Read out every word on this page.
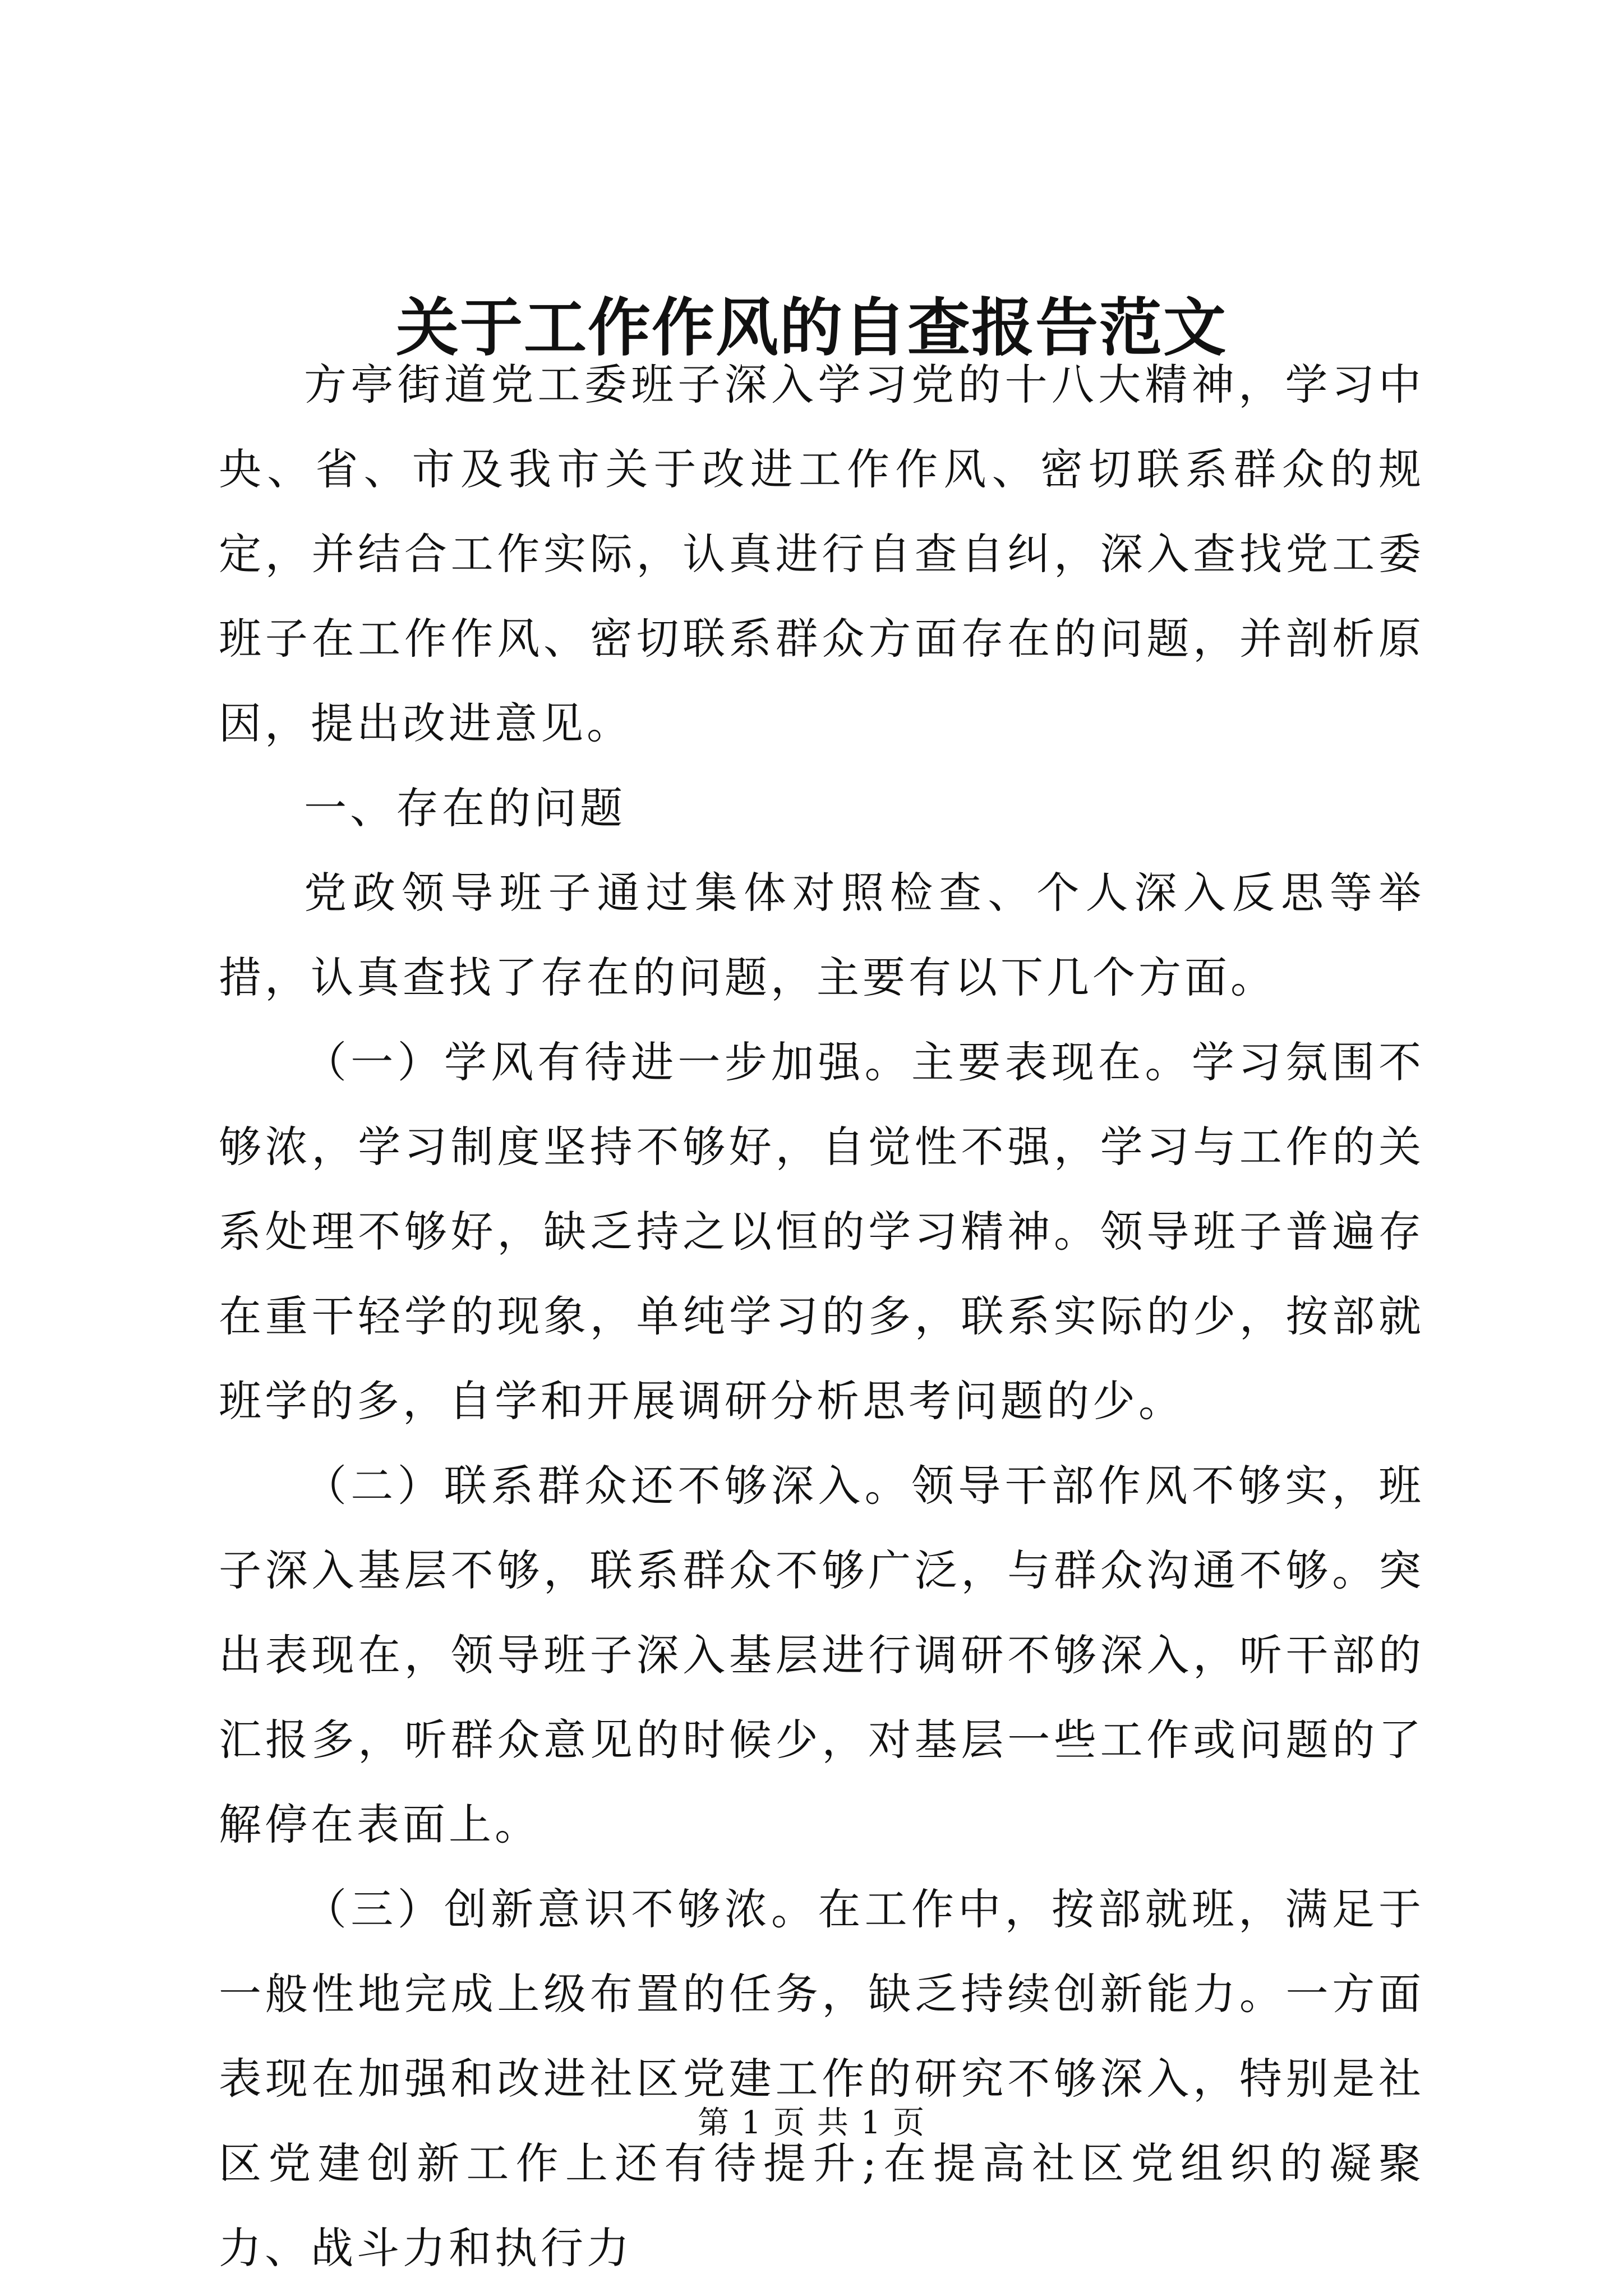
关于工作作风的自查报告范文

方亭街道党工委班子深入学习党的十八大精神，学习中央、省、市及我市关于改进工作作风、密切联系群众的规定，并结合工作实际，认真进行自查自纠，深入查找党工委班子在工作作风、密切联系群众方面存在的问题，并剖析原因，提出改进意见。

一、存在的问题

党政领导班子通过集体对照检查、个人深入反思等举措，认真查找了存在的问题，主要有以下几个方面。

（一）学风有待进一步加强。主要表现在。学习氛围不够浓，学习制度坚持不够好，自觉性不强，学习与工作的关系处理不够好，缺乏持之以恒的学习精神。领导班子普遍存在重干轻学的现象，单纯学习的多，联系实际的少，按部就班学的多，自学和开展调研分析思考问题的少。

（二）联系群众还不够深入。领导干部作风不够实，班子深入基层不够，联系群众不够广泛，与群众沟通不够。突出表现在，领导班子深入基层进行调研不够深入，听干部的汇报多，听群众意见的时候少，对基层一些工作或问题的了解停在表面上。

（三）创新意识不够浓。在工作中，按部就班，满足于一般性地完成上级布置的任务，缺乏持续创新能力。一方面表现在加强和改进社区党建工作的研究不够深入，特别是社区党建创新工作上还有待提升;在提高社区党组织的凝聚力、战斗力和执行力

第 1 页 共 1 页
